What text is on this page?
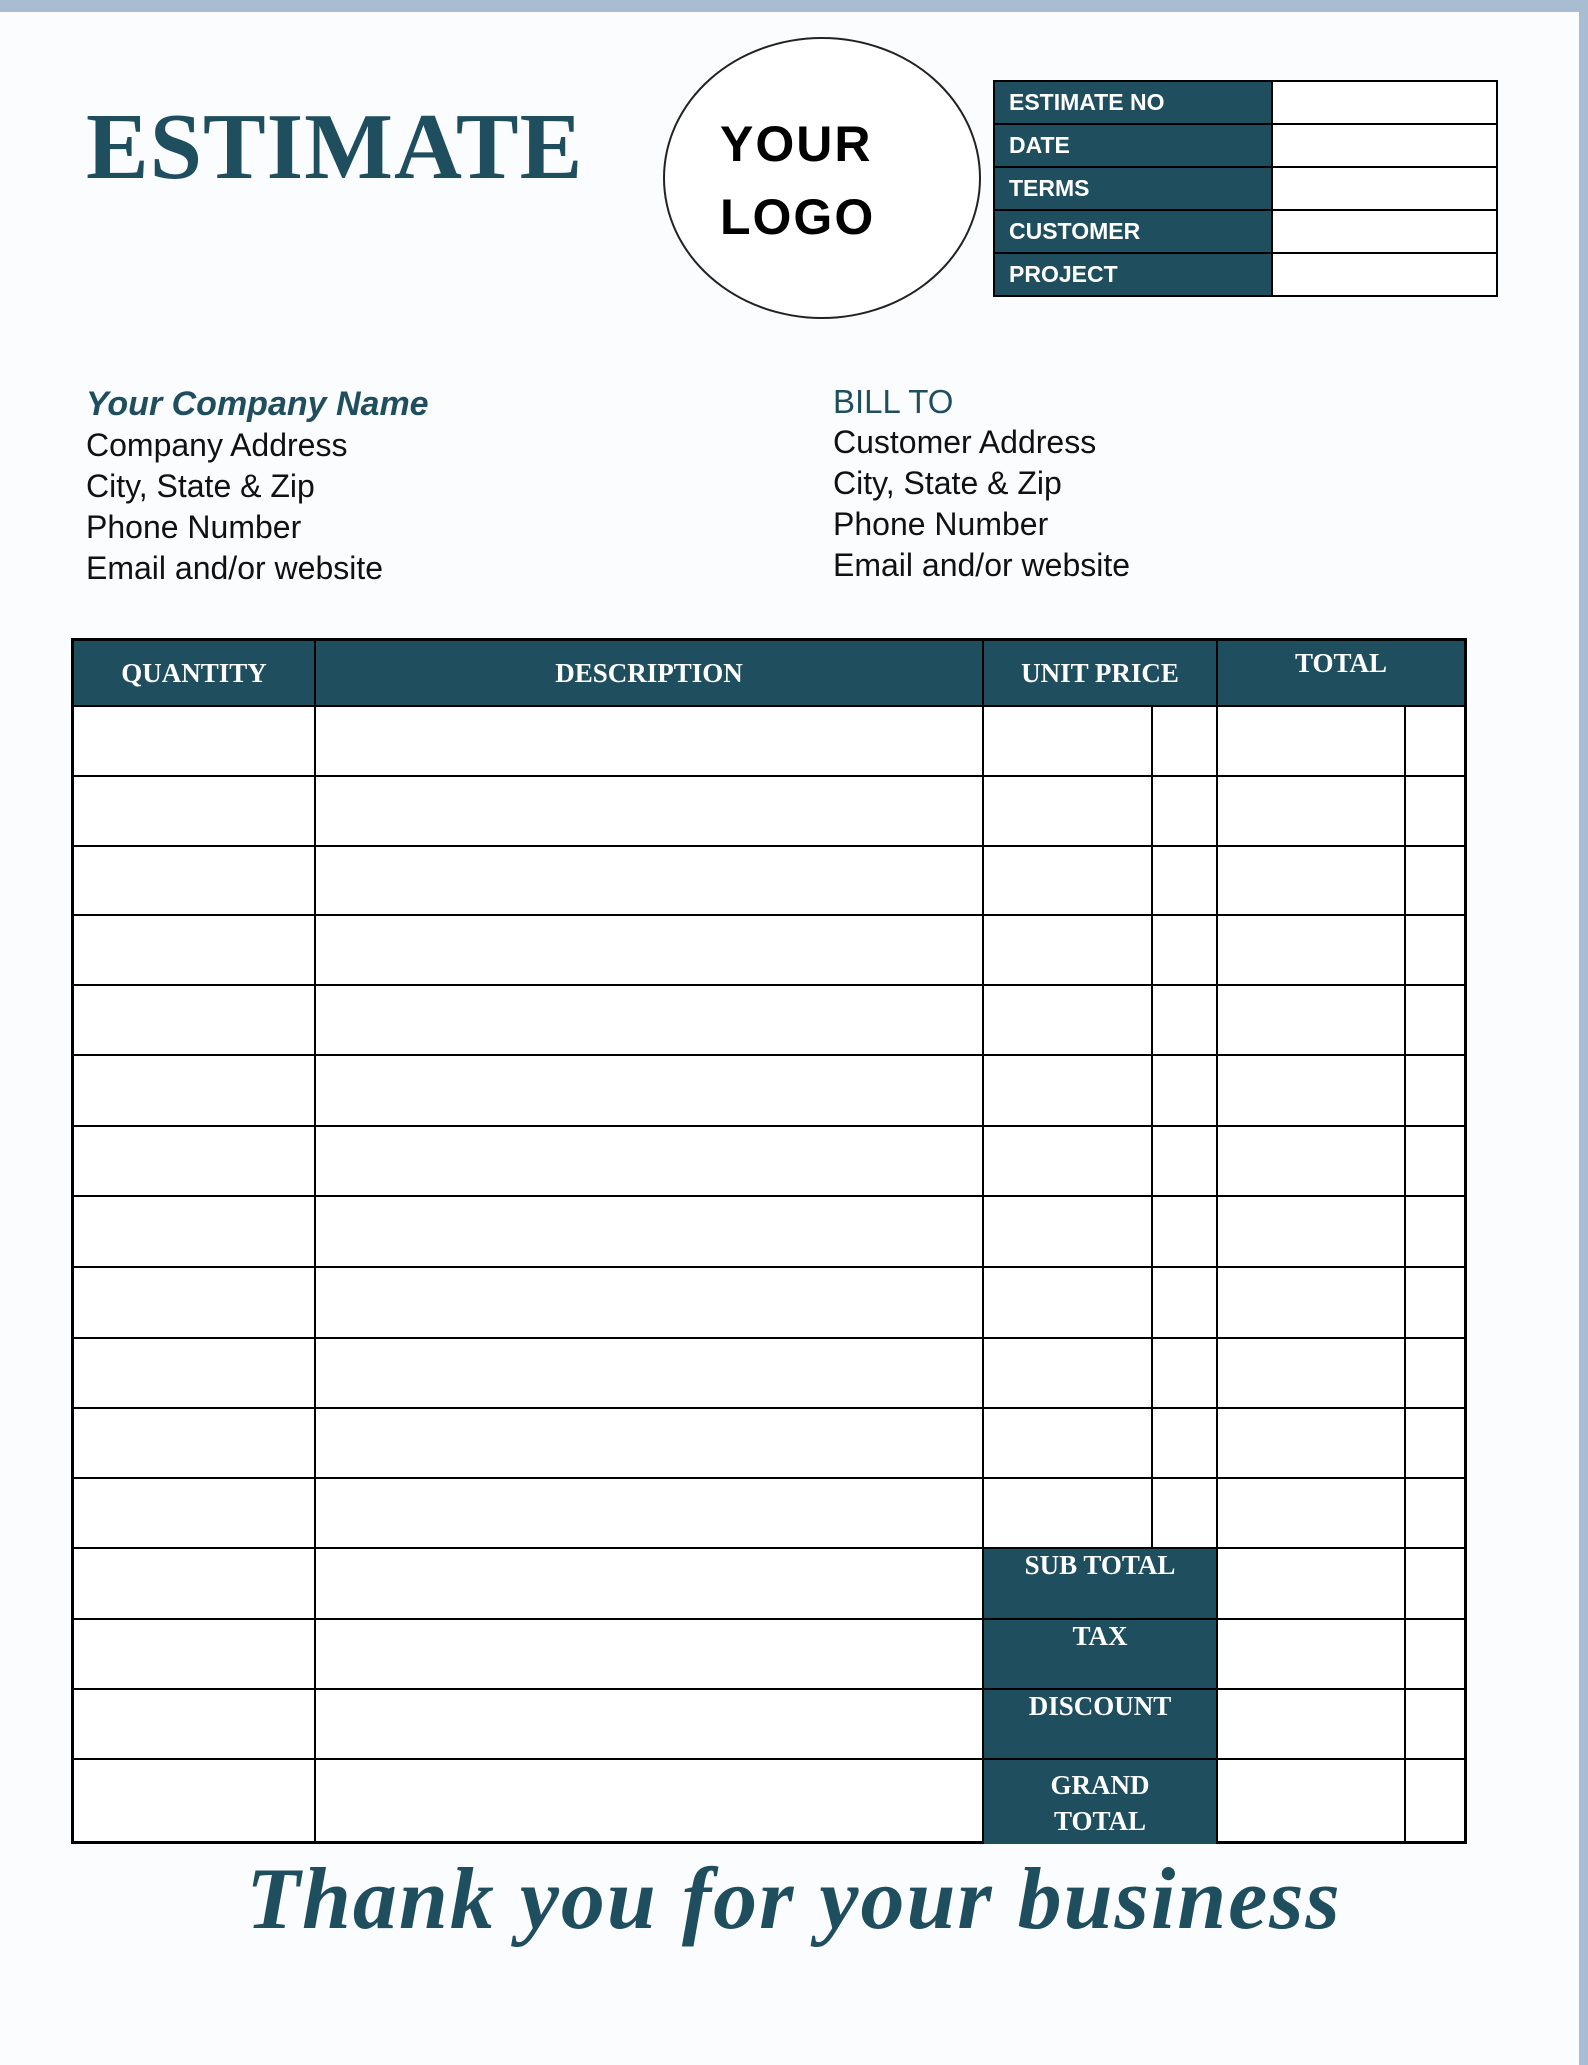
ESTIMATE	YOUR
LOGO
ESTIMATE NO	
DATE	
TERMS	
CUSTOMER	
PROJECT	
Your Company Name
Company Address
City, State & Zip
Phone Number
Email and/or website
BILL TO
Customer Address
City, State & Zip
Phone Number
Email and/or website
QUANTITY	DESCRIPTION	UNIT PRICE	TOTAL
SUB TOTAL
TAX
DISCOUNT
GRAND
TOTAL
Thank you for your business
